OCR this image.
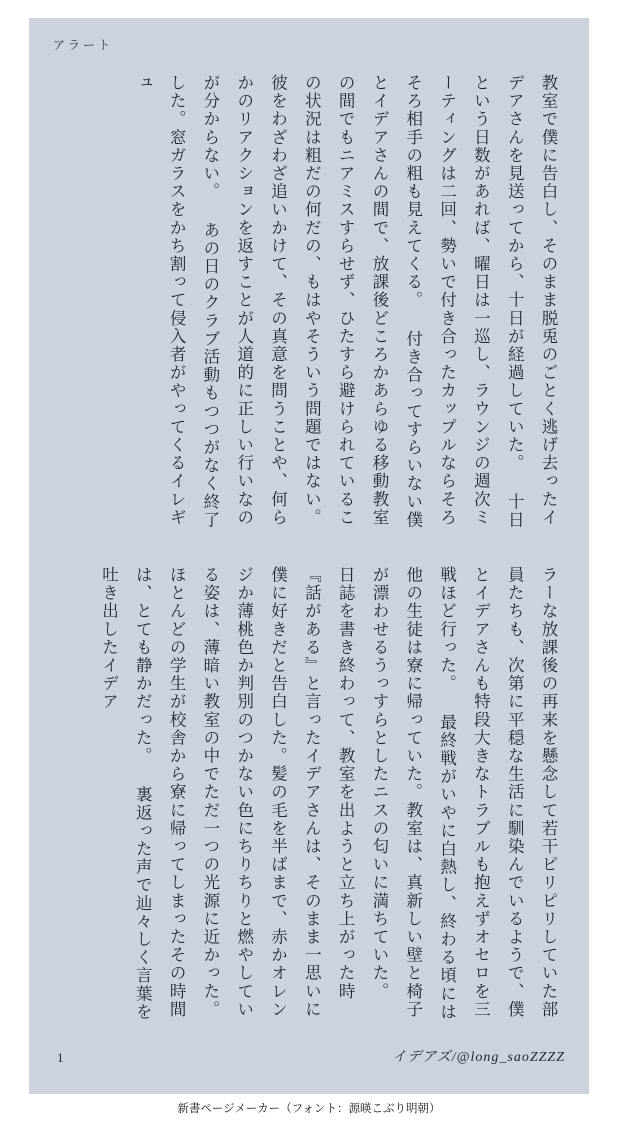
アラート
教室で僕に告白し、そのまま脱兎のごとく逃げ去ったイデアさんを見送ってから、十日が経過していた。 十日という日数があれば、曜日は一巡し、ラウンジの週次ミーティングは二回、勢いで付き合ったカップルならそろそろ相手の粗も見えてくる。 付き合ってすらいない僕とイデアさんの間で、放課後どころかあらゆる移動教室の間でもニアミスすらせず、ひたすら避けられているこの状況は粗だの何だの、もはやそういう問題ではない。 彼をわざわざ追いかけて、その真意を問うことや、何らかのリアクションを返すことが人道的に正しい行いなのが分からない。 あの日のクラブ活動もつつがなく終了した。窓ガラスをかち割って侵入者がやってくるイレギュ
ラーな放課後の再来を懸念して若干ピリピリしていた部員たちも、次第に平穏な生活に馴染んでいるようで、僕とイデアさんも特段大きなトラブルも抱えずオセロを三戦ほど行った。 最終戦がいやに白熱し、終わる頃には他の生徒は寮に帰っていた。教室は、真新しい壁と椅子が漂わせるうっすらとしたニスの匂いに満ちていた。 日誌を書き終わって、教室を出ようと立ち上がった時『話がある』と言ったイデアさんは、そのまま一思いに僕に好きだと告白した。髪の毛を半ばまで、赤かオレンジか薄桃色か判別のつかない色にちりちりと燃やしている姿は、薄暗い教室の中でただ一つの光源に近かった。ほとんどの学生が校舎から寮に帰ってしまったその時間は、とても静かだった。 裏返った声で辿々しく言葉を吐き出したイデア
1	イデアズ/@long_saoZZZZ
新書ページメーカー（フォント：源暎こぶり明朝）
